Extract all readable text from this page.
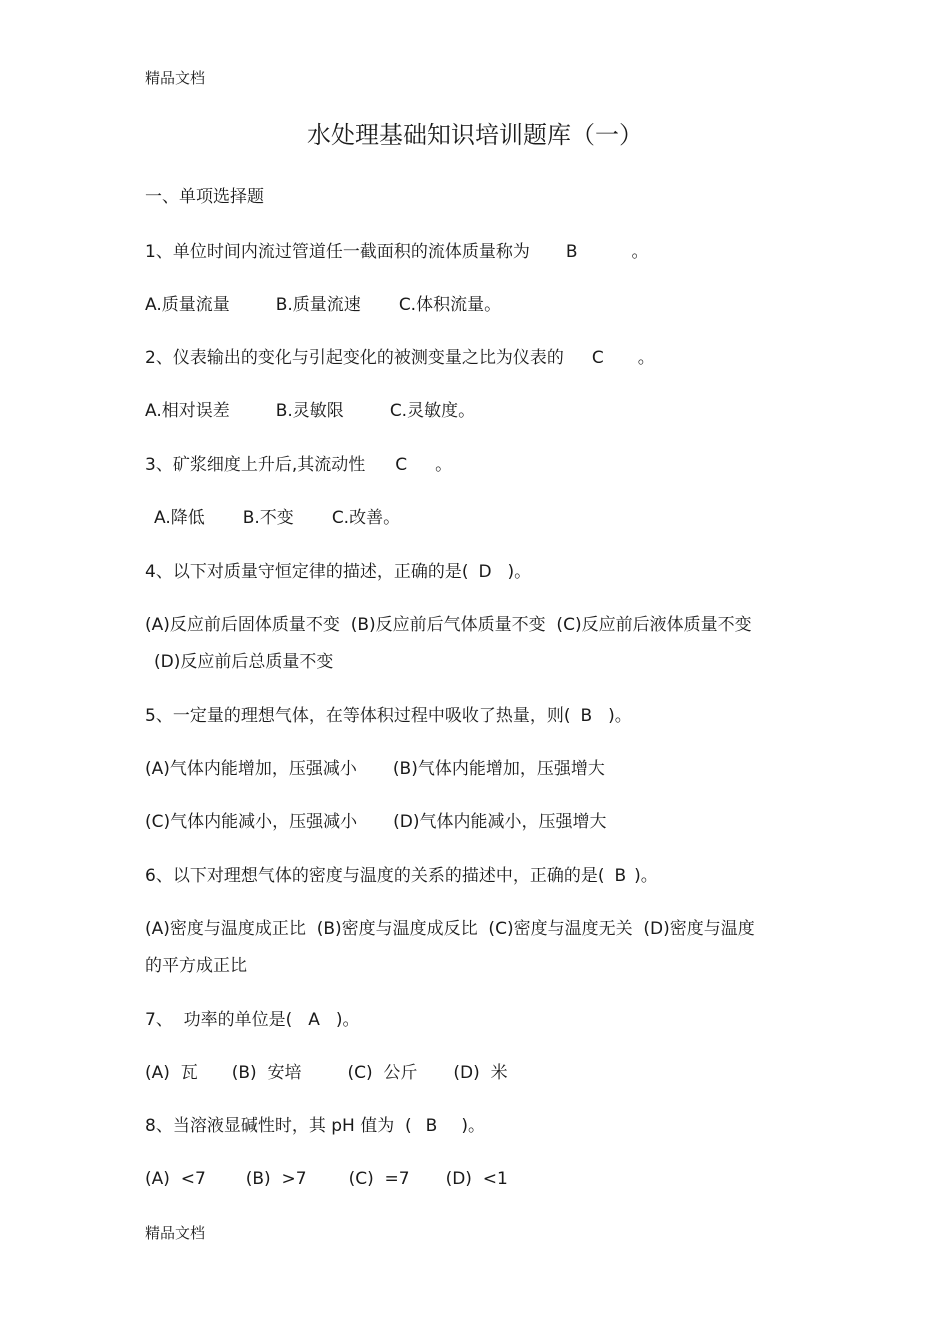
精品文档
水处理基础知识培训题库（一）
一、单项选择题
1、单位时间内流过管道任一截面积的流体质量称为 B	。
A.质量流量	B.质量流速 C.体积流量。
2、仪表输出的变化与引起变化的被测变量之比为仪表的 C 。
A.相对误差	B.灵敏限	C.灵敏度。
3、矿浆细度上升后,其流动性 C 。
A.降低 B.不变 C.改善。
4、以下对质量守恒定律的描述，正确的是( D )。
(A)反应前后固体质量不变  (B)反应前后气体质量不变  (C)反应前后液体质量不变
(D)反应前后总质量不变
5、一定量的理想气体，在等体积过程中吸收了热量，则( B )。
(A)气体内能增加，压强减小 (B)气体内能增加，压强增大
(C)气体内能减小，压强减小 (D)气体内能减小，压强增大
6、以下对理想气体的密度与温度的关系的描述中，正确的是( B )。
(A)密度与温度成正比  (B)密度与温度成反比  (C)密度与温度无关  (D)密度与温度
的平方成正比
7、  功率的单位是( A )。
(A)  瓦 (B)  安培	(C)  公斤 (D)  米
8、当溶液显碱性时，其 pH 值为  ( B )。
(A)  <7 (B)  >7 (C)  =7 (D)  <1
精品文档
